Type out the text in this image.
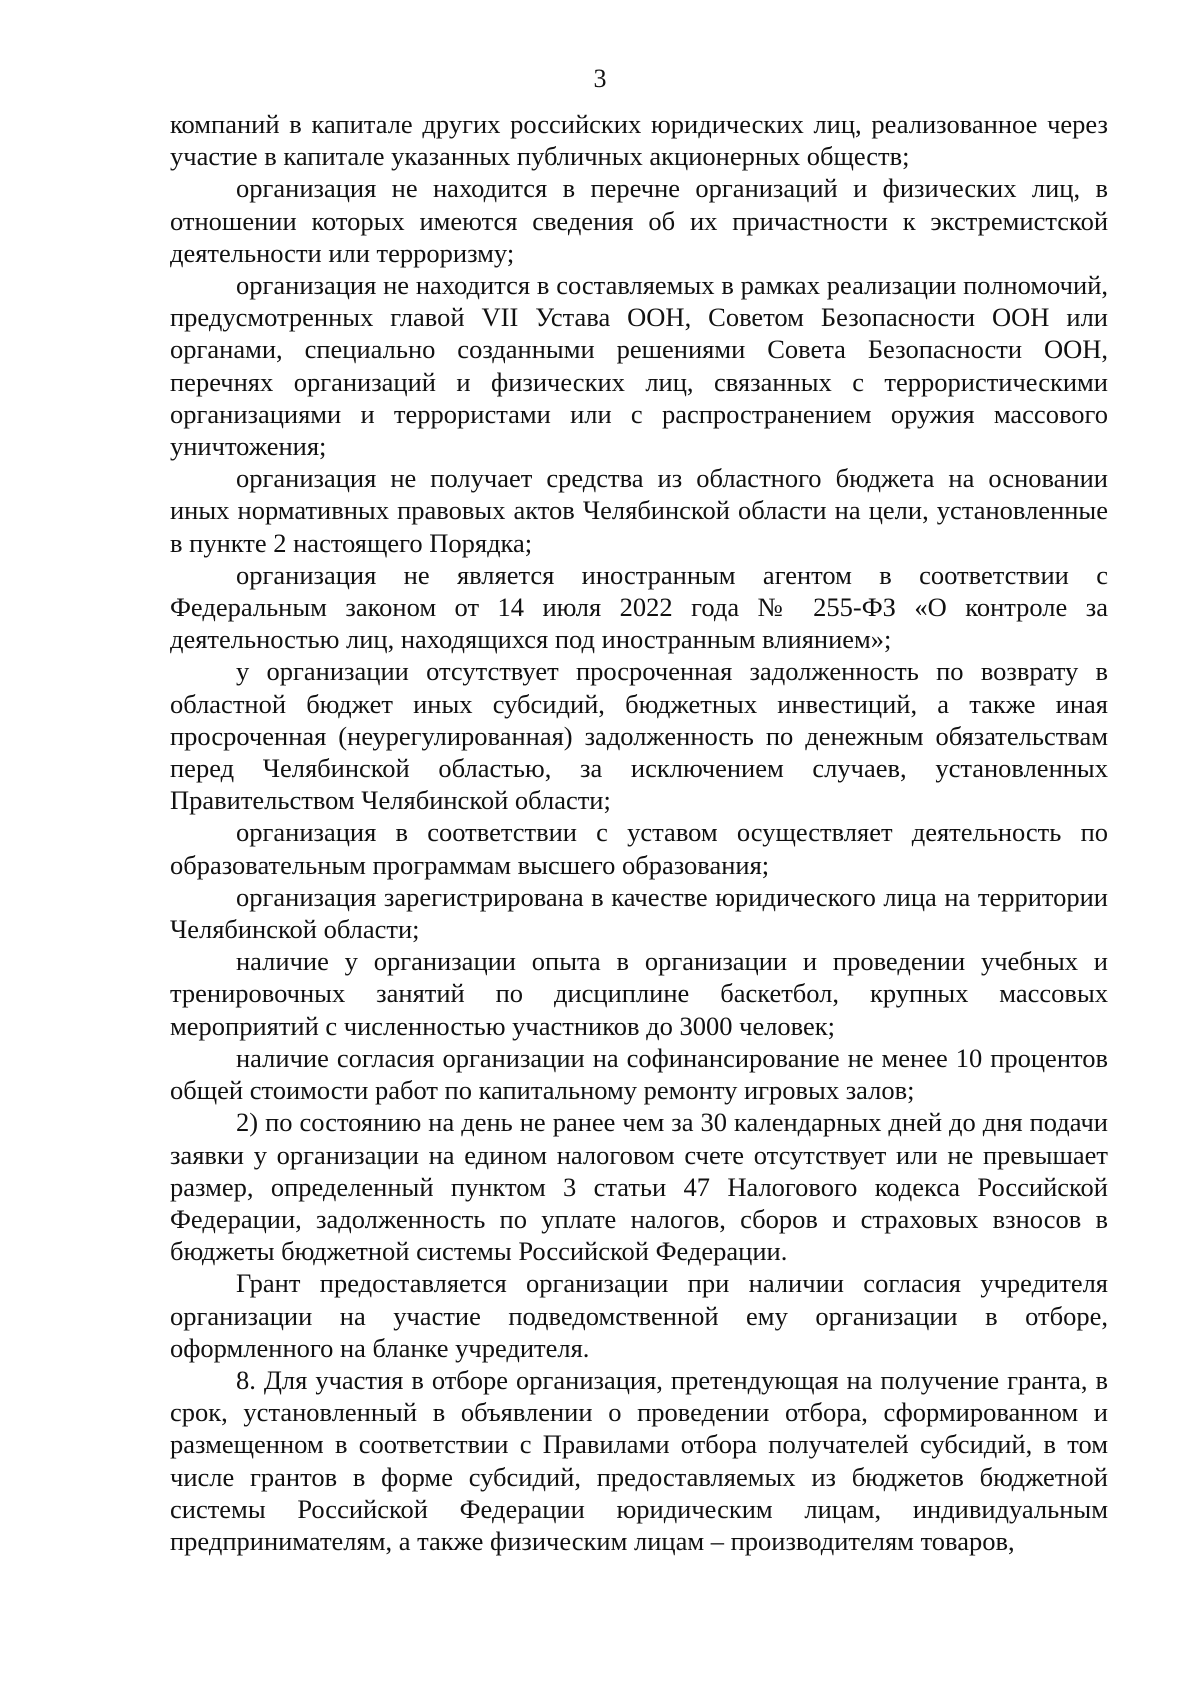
3

компаний в капитале других российских юридических лиц, реализованное через участие в капитале указанных публичных акционерных обществ;

организация не находится в перечне организаций и физических лиц, в отношении которых имеются сведения об их причастности к экстремистской деятельности или терроризму;

организация не находится в составляемых в рамках реализации полномочий, предусмотренных главой VII Устава ООН, Советом Безопасности ООН или органами, специально созданными решениями Совета Безопасности ООН, перечнях организаций и физических лиц, связанных с террористическими организациями и террористами или с распространением оружия массового уничтожения;

организация не получает средства из областного бюджета на основании иных нормативных правовых актов Челябинской области на цели, установленные в пункте 2 настоящего Порядка;

организация не является иностранным агентом в соответствии с Федеральным законом от 14 июля 2022 года № 255-ФЗ «О контроле за деятельностью лиц, находящихся под иностранным влиянием»;

у организации отсутствует просроченная задолженность по возврату в областной бюджет иных субсидий, бюджетных инвестиций, а также иная просроченная (неурегулированная) задолженность по денежным обязательствам перед Челябинской областью, за исключением случаев, установленных Правительством Челябинской области;

организация в соответствии с уставом осуществляет деятельность по образовательным программам высшего образования;

организация зарегистрирована в качестве юридического лица на территории Челябинской области;

наличие у организации опыта в организации и проведении учебных и тренировочных занятий по дисциплине баскетбол, крупных массовых мероприятий с численностью участников до 3000 человек;

наличие согласия организации на софинансирование не менее 10 процентов общей стоимости работ по капитальному ремонту игровых залов;

2) по состоянию на день не ранее чем за 30 календарных дней до дня подачи заявки у организации на едином налоговом счете отсутствует или не превышает размер, определенный пунктом 3 статьи 47 Налогового кодекса Российской Федерации, задолженность по уплате налогов, сборов и страховых взносов в бюджеты бюджетной системы Российской Федерации.

Грант предоставляется организации при наличии согласия учредителя организации на участие подведомственной ему организации в отборе, оформленного на бланке учредителя.

8. Для участия в отборе организация, претендующая на получение гранта, в срок, установленный в объявлении о проведении отбора, сформированном и размещенном в соответствии с Правилами отбора получателей субсидий, в том числе грантов в форме субсидий, предоставляемых из бюджетов бюджетной системы Российской Федерации юридическим лицам, индивидуальным предпринимателям, а также физическим лицам – производителям товаров,
